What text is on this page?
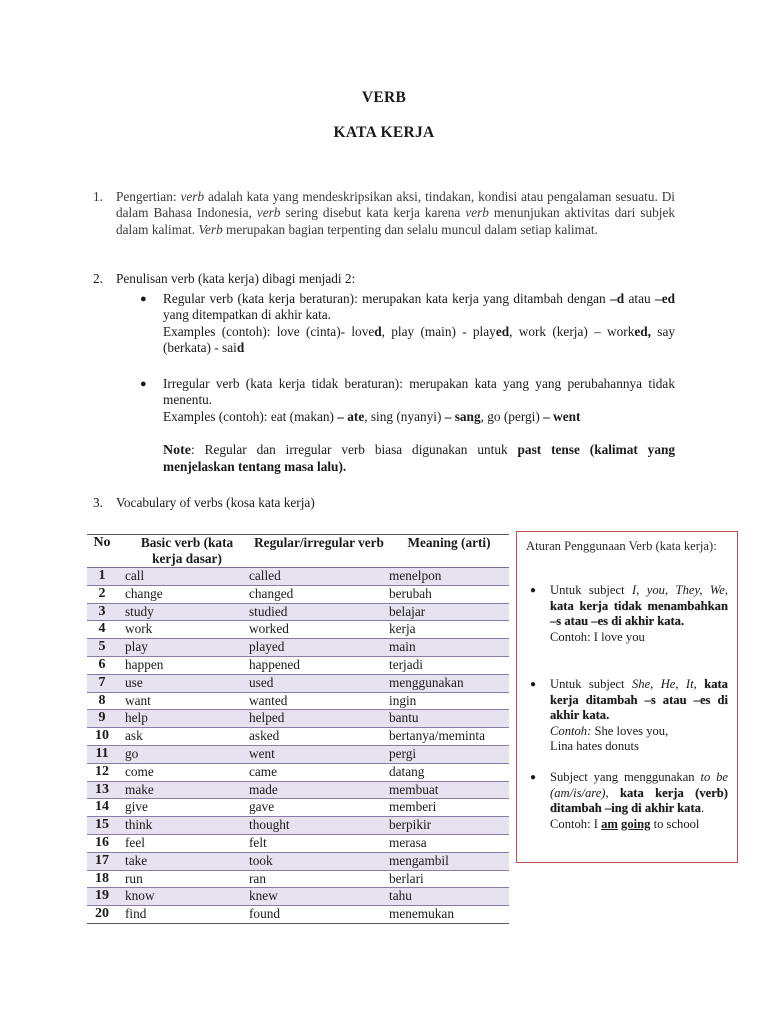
VERB
KATA KERJA
1. Pengertian: verb adalah kata yang mendeskripsikan aksi, tindakan, kondisi atau pengalaman sesuatu. Di dalam Bahasa Indonesia, verb sering disebut kata kerja karena verb menunjukan aktivitas dari subjek dalam kalimat. Verb merupakan bagian terpenting dan selalu muncul dalam setiap kalimat.
2. Penulisan verb (kata kerja) dibagi menjadi 2:
● Regular verb (kata kerja beraturan): merupakan kata kerja yang ditambah dengan –d atau –ed yang ditempatkan di akhir kata.
Examples (contoh): love (cinta)- loved, play (main) - played, work (kerja) – worked, say (berkata) - said
● Irregular verb (kata kerja tidak beraturan): merupakan kata yang yang perubahannya tidak menentu.
Examples (contoh): eat (makan) – ate, sing (nyanyi) – sang, go (pergi) – went
Note: Regular dan irregular verb biasa digunakan untuk past tense (kalimat yang menjelaskan tentang masa lalu).
3. Vocabulary of verbs (kosa kata kerja)
No	Basic verb (kata kerja dasar)	Regular/irregular verb	Meaning (arti)
1	call	called	menelpon
2	change	changed	berubah
3	study	studied	belajar
4	work	worked	kerja
5	play	played	main
6	happen	happened	terjadi
7	use	used	menggunakan
8	want	wanted	ingin
9	help	helped	bantu
10	ask	asked	bertanya/meminta
11	go	went	pergi
12	come	came	datang
13	make	made	membuat
14	give	gave	memberi
15	think	thought	berpikir
16	feel	felt	merasa
17	take	took	mengambil
18	run	ran	berlari
19	know	knew	tahu
20	find	found	menemukan
Aturan Penggunaan Verb (kata kerja):
● Untuk subject I, you, They, We, kata kerja tidak menambahkan –s atau –es di akhir kata.
Contoh: I love you
● Untuk subject She, He, It, kata kerja ditambah –s atau –es di akhir kata.
Contoh: She loves you,
Lina hates donuts
● Subject yang menggunakan to be (am/is/are), kata kerja (verb) ditambah –ing di akhir kata.
Contoh: I am going to school
